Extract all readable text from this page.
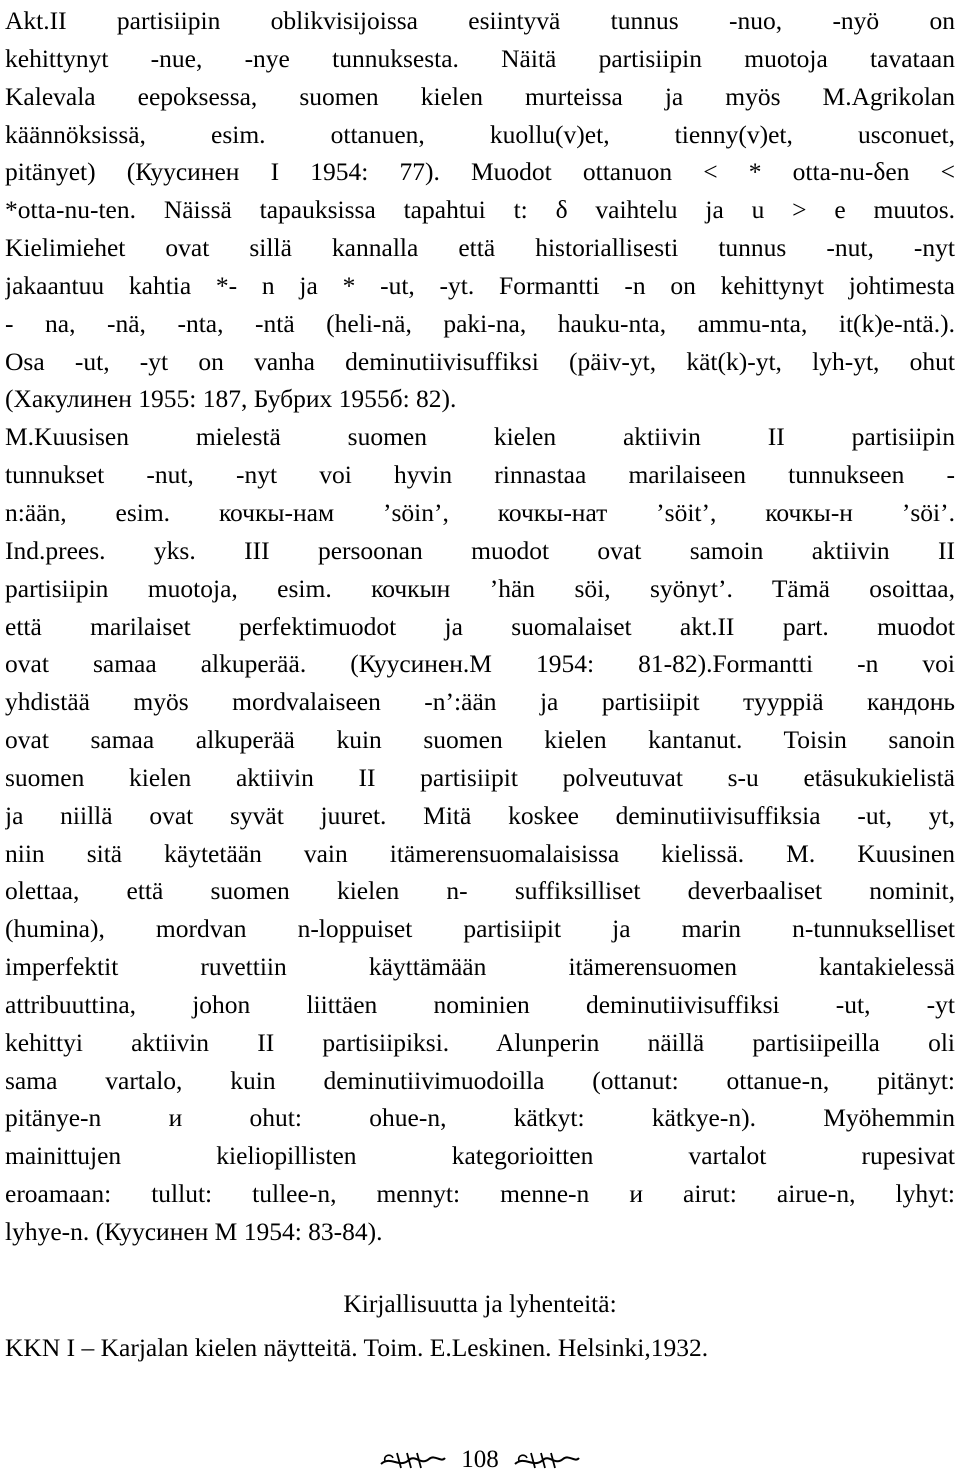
Akt.II partisiipin oblikvisijoissa esiintyvä tunnus -nuo, -nyö on
kehittynyt -nue, -nye tunnuksesta. Näitä partisiipin muotoja tavataan
Kalevala eepoksessa, suomen kielen murteissa ja myös M.Agrikolan
käännöksissä, esim. ottanuen, kuollu(v)et, tienny(v)et, usconuet,
pitänyet) (Куусинен I 1954: 77). Muodot ottanuon < * otta-nu-δen <
*otta-nu-ten. Näissä tapauksissa tapahtui t: δ vaihtelu ja u > e muutos.
Kielimiehet ovat sillä kannalla että historiallisesti tunnus -nut, -nyt
jakaantuu kahtia *- n ja * -ut, -yt. Formantti -n on kehittynyt johtimesta
- na, -nä, -nta, -ntä (heli-nä, paki-na, hauku-nta, ammu-nta, it(k)e-ntä.).
Osa -ut, -yt on vanha deminutiivisuffiksi (päiv-yt, kät(k)-yt, lyh-yt, ohut
(Хакулинен 1955: 187, Бубрих 1955б: 82).
M.Kuusisen mielestä suomen kielen aktiivin II partisiipin
tunnukset -nut, -nyt voi hyvin rinnastaa marilaiseen tunnukseen -
n:ään, esim. кочкы-нам ’söin’, кочкы-нат ’söit’, кочкы-н ’söi’.
Ind.prees. yks. III persoonan muodot ovat samoin aktiivin II
partisiipin muotoja, esim. кочкын ’hän söi, syönyt’. Tämä osoittaa,
että marilaiset perfektimuodot ja suomalaiset akt.II part. muodot
ovat samaa alkuperää. (Куусинен.М 1954: 81-82).Formantti -n voi
yhdistää myös mordvalaiseen -n’:ään ja partisiipit тyyppiä кандонь
ovat samaa alkuperää kuin suomen kielen kantanut. Toisin sanoin
suomen kielen aktiivin II partisiipit polveutuvat s-u etäsukukielistä
ja niillä ovat syvät juuret. Mitä koskee deminutiivisuffiksia -ut, yt,
niin sitä käytetään vain itämerensuomalaisissa kielissä. M. Kuusinen
olettaa, että suomen kielen n- suffiksilliset deverbaaliset nominit,
(humina), mordvan n-loppuiset partisiipit ja marin n-tunnukselliset
imperfektit ruvettiin käyttämään itämerensuomen kantakielessä
attribuuttina, johon liittäen nominien deminutiivisuffiksi -ut, -yt
kehittyi aktiivin II partisiipiksi. Alunperin näillä partisiipeilla oli
sama vartalo, kuin deminutiivimuodoilla (ottanut: ottanue-n, pitänyt:
pitänye-n и ohut: ohue-n, kätkyt: kätkye-n). Myöhemmin
mainittujen kieliopillisten kategorioitten vartalot rupesivat
eroamaan: tullut: tullee-n, mennyt: menne-n и airut: airue-n, lyhyt:
lyhye-n. (Куусинен М 1954: 83-84).
Kirjallisuutta ja lyhenteitä:
KKN I – Karjalan kielen näytteitä. Toim. E.Leskinen. Helsinki,1932.
108
